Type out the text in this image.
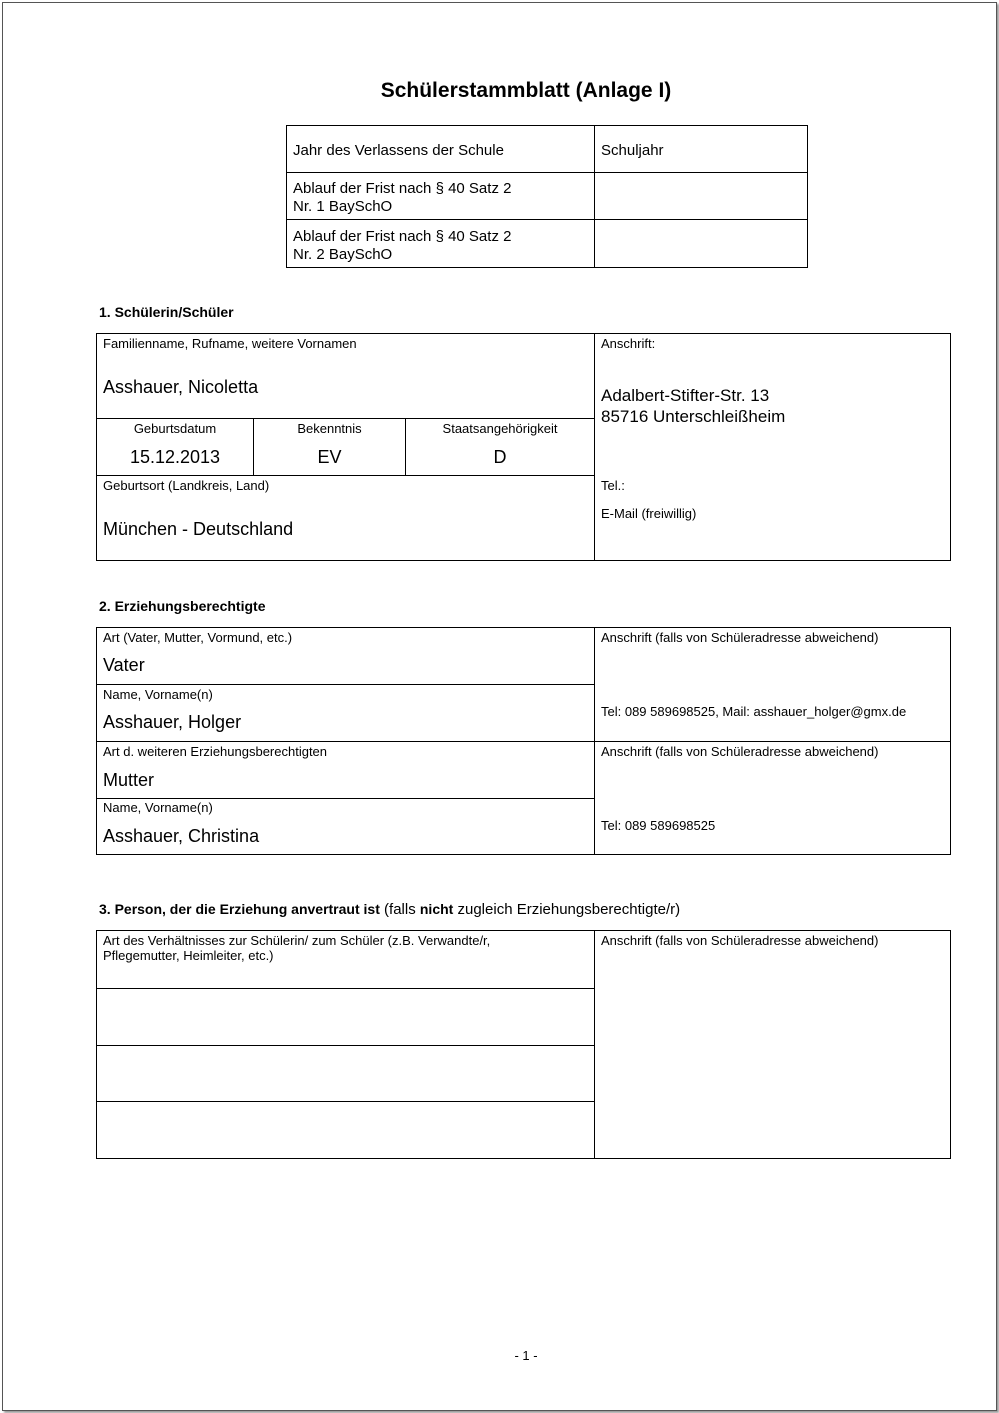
Schülerstammblatt (Anlage I)
Jahr des Verlassens der Schule	Schuljahr
Ablauf der Frist nach § 40 Satz 2
Nr. 1 BaySchO
Ablauf der Frist nach § 40 Satz 2
Nr. 2 BaySchO
1. Schülerin/Schüler
Familienname, Rufname, weitere Vornamen
Asshauer, Nicoletta
Geburtsdatum
15.12.2013
Bekenntnis
EV
Staatsangehörigkeit
D
Geburtsort (Landkreis, Land)
München - Deutschland
Anschrift:
Adalbert-Stifter-Str. 13
85716 Unterschleißheim
Tel.:
E-Mail (freiwillig)
2. Erziehungsberechtigte
Art (Vater, Mutter, Vormund, etc.)
Vater
Name, Vorname(n)
Asshauer, Holger
Anschrift (falls von Schüleradresse abweichend)
Tel: 089 589698525, Mail: asshauer_holger@gmx.de
Art d. weiteren Erziehungsberechtigten
Mutter
Name, Vorname(n)
Asshauer, Christina
Anschrift (falls von Schüleradresse abweichend)
Tel: 089 589698525
3. Person, der die Erziehung anvertraut ist (falls nicht zugleich Erziehungsberechtigte/r)
Art des Verhältnisses zur Schülerin/ zum Schüler (z.B. Verwandte/r,
Pflegemutter, Heimleiter, etc.)
Anschrift (falls von Schüleradresse abweichend)
- 1 -
